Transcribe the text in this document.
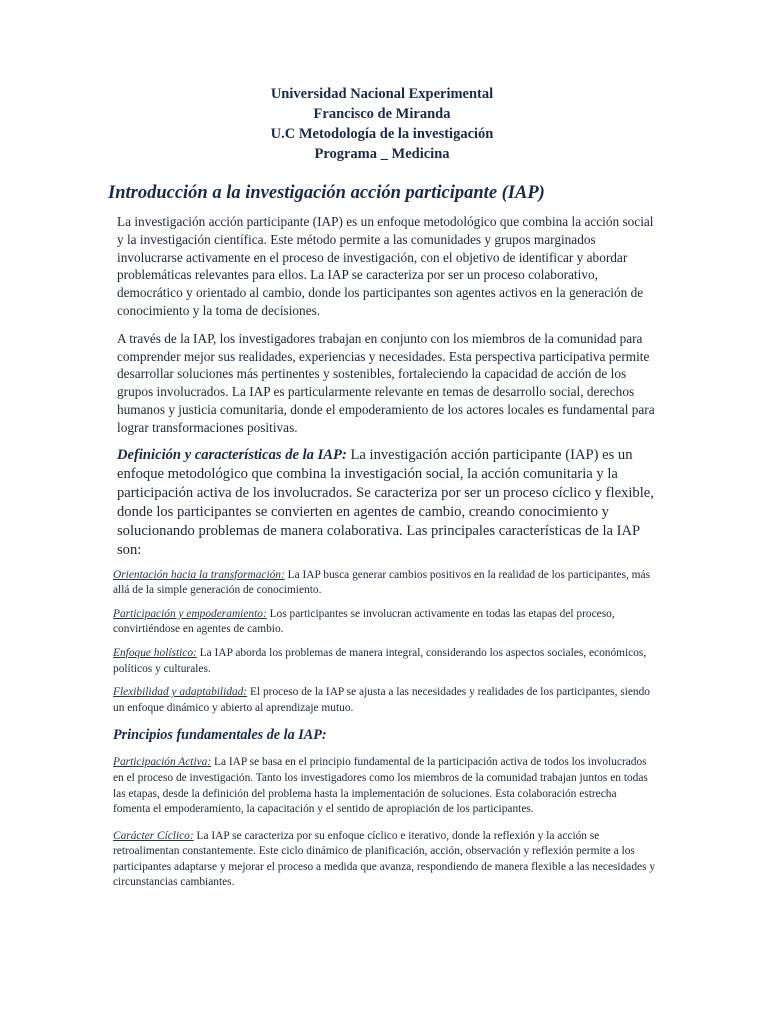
Universidad Nacional Experimental
Francisco de Miranda
U.C Metodología de la investigación
Programa _ Medicina
Introducción a la investigación acción participante (IAP)
La investigación acción participante (IAP) es un enfoque metodológico que combina la acción social y la investigación científica. Este método permite a las comunidades y grupos marginados involucrarse activamente en el proceso de investigación, con el objetivo de identificar y abordar problemáticas relevantes para ellos. La IAP se caracteriza por ser un proceso colaborativo, democrático y orientado al cambio, donde los participantes son agentes activos en la generación de conocimiento y la toma de decisiones.
A través de la IAP, los investigadores trabajan en conjunto con los miembros de la comunidad para comprender mejor sus realidades, experiencias y necesidades. Esta perspectiva participativa permite desarrollar soluciones más pertinentes y sostenibles, fortaleciendo la capacidad de acción de los grupos involucrados. La IAP es particularmente relevante en temas de desarrollo social, derechos humanos y justicia comunitaria, donde el empoderamiento de los actores locales es fundamental para lograr transformaciones positivas.
Definición y características de la IAP: La investigación acción participante (IAP) es un enfoque metodológico que combina la investigación social, la acción comunitaria y la participación activa de los involucrados. Se caracteriza por ser un proceso cíclico y flexible, donde los participantes se convierten en agentes de cambio, creando conocimiento y solucionando problemas de manera colaborativa. Las principales características de la IAP son:
Orientación hacia la transformación: La IAP busca generar cambios positivos en la realidad de los participantes, más allá de la simple generación de conocimiento.
Participación y empoderamiento: Los participantes se involucran activamente en todas las etapas del proceso, convirtiéndose en agentes de cambio.
Enfoque holístico: La IAP aborda los problemas de manera integral, considerando los aspectos sociales, económicos, políticos y culturales.
Flexibilidad y adaptabilidad: El proceso de la IAP se ajusta a las necesidades y realidades de los participantes, siendo un enfoque dinámico y abierto al aprendizaje mutuo.
Principios fundamentales de la IAP:
Participación Activa: La IAP se basa en el principio fundamental de la participación activa de todos los involucrados en el proceso de investigación. Tanto los investigadores como los miembros de la comunidad trabajan juntos en todas las etapas, desde la definición del problema hasta la implementación de soluciones. Esta colaboración estrecha fomenta el empoderamiento, la capacitación y el sentido de apropiación de los participantes.
Carácter Cíclico: La IAP se caracteriza por su enfoque cíclico e iterativo, donde la reflexión y la acción se retroalimentan constantemente. Este ciclo dinámico de planificación, acción, observación y reflexión permite a los participantes adaptarse y mejorar el proceso a medida que avanza, respondiendo de manera flexible a las necesidades y circunstancias cambiantes.
